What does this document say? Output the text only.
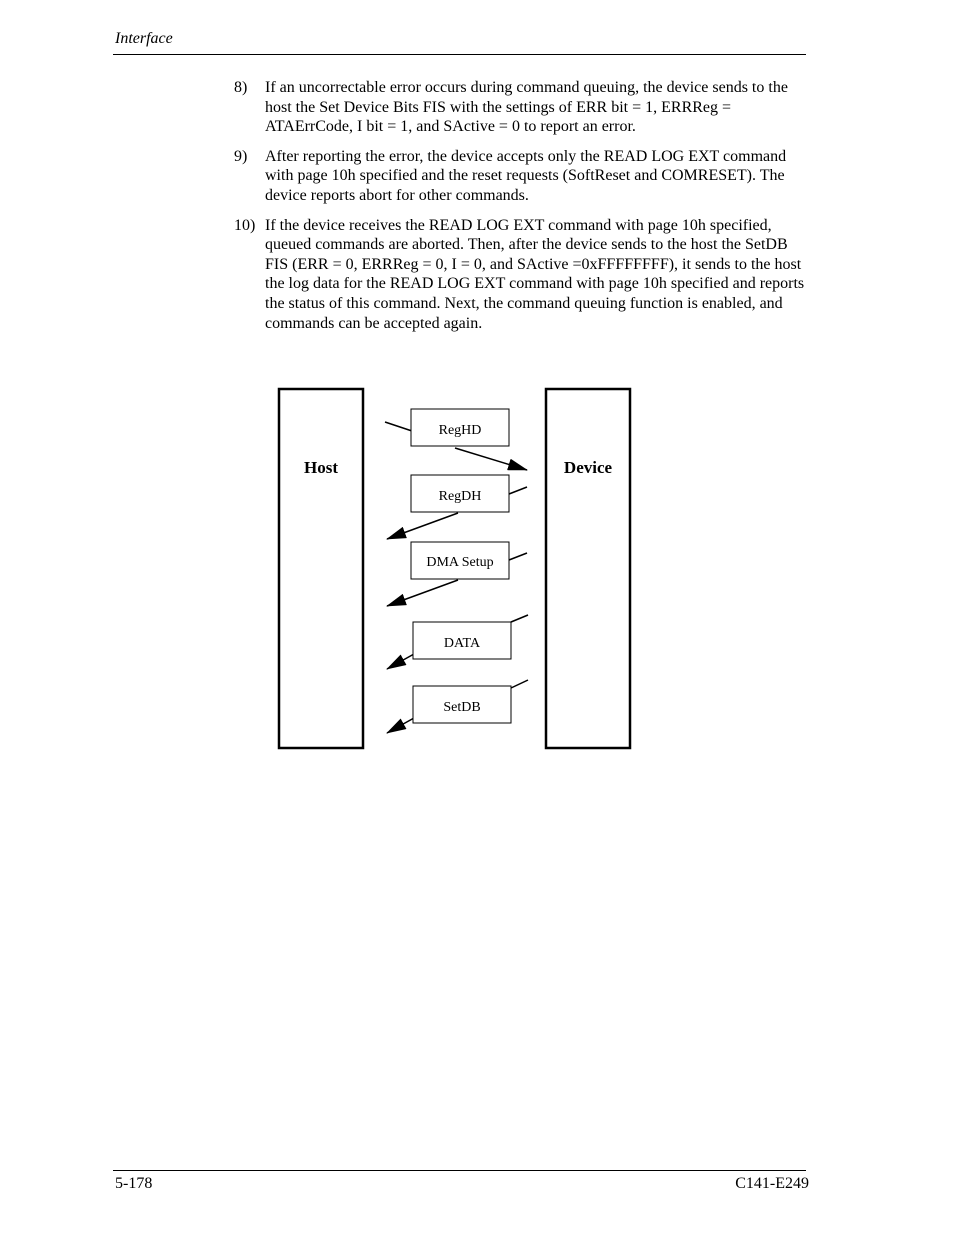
Interface
8) If an uncorrectable error occurs during command queuing, the device sends to the host the Set Device Bits FIS with the settings of ERR bit = 1, ERRReg = ATAErrCode, I bit = 1, and SActive = 0 to report an error.
9) After reporting the error, the device accepts only the READ LOG EXT command with page 10h specified and the reset requests (SoftReset and COMRESET). The device reports abort for other commands.
10) If the device receives the READ LOG EXT command with page 10h specified, queued commands are aborted. Then, after the device sends to the host the SetDB FIS (ERR = 0, ERRReg = 0, I = 0, and SActive =0xFFFFFFFF), it sends to the host the log data for the READ LOG EXT command with page 10h specified and reports the status of this command. Next, the command queuing function is enabled, and commands can be accepted again.
Host	Device
RegHD
RegDH
DMA Setup
DATA
SetDB
5-178	C141-E249
